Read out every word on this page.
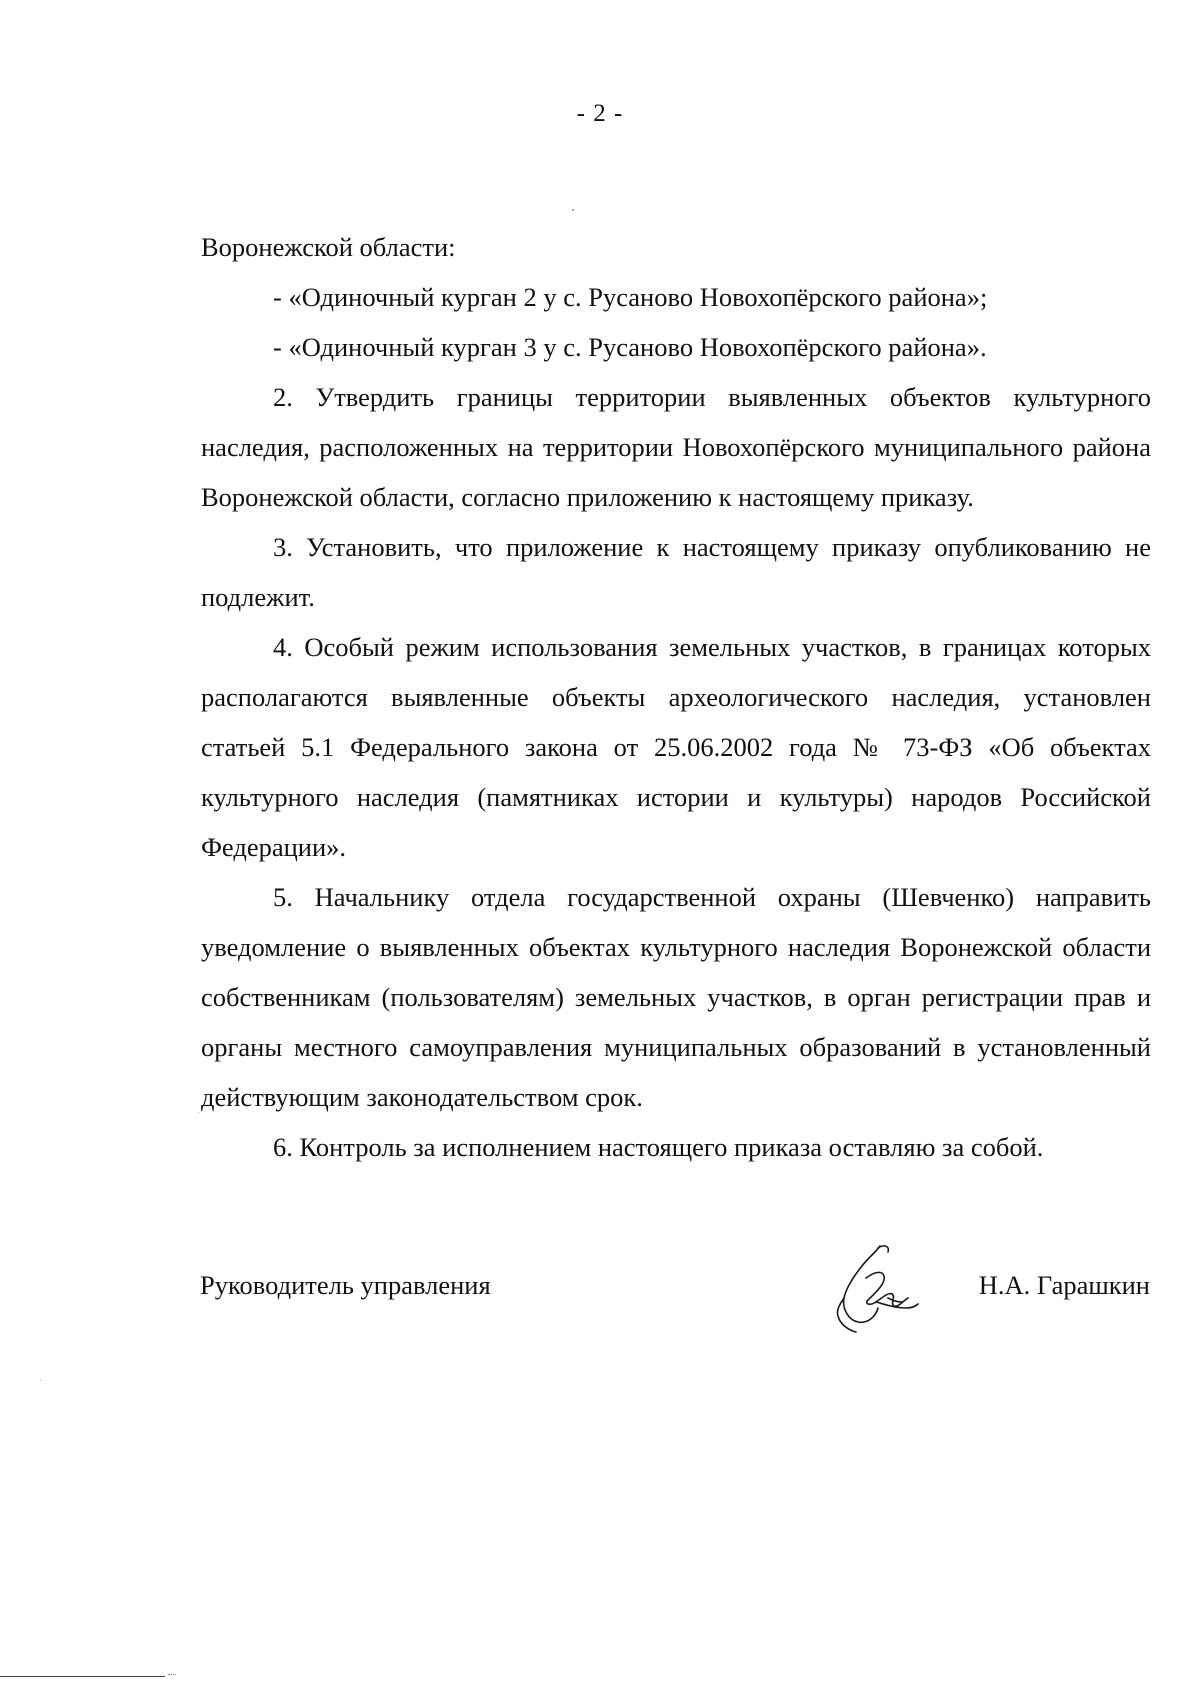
- 2 -

Воронежской области:

- «Одиночный курган 2 у с. Русаново Новохопёрского района»;

- «Одиночный курган 3 у с. Русаново Новохопёрского района».

2. Утвердить границы территории выявленных объектов культурного наследия, расположенных на территории Новохопёрского муниципального района Воронежской области, согласно приложению к настоящему приказу.

3. Установить, что приложение к настоящему приказу опубликованию не подлежит.

4. Особый режим использования земельных участков, в границах которых располагаются выявленные объекты археологического наследия, установлен статьей 5.1 Федерального закона от 25.06.2002 года № 73-ФЗ «Об объектах культурного наследия (памятниках истории и культуры) народов Российской Федерации».

5. Начальнику отдела государственной охраны (Шевченко) направить уведомление о выявленных объектах культурного наследия Воронежской области собственникам (пользователям) земельных участков, в орган регистрации прав и органы местного самоуправления муниципальных образований в установленный действующим законодательством срок.

6. Контроль за исполнением настоящего приказа оставляю за собой.

Руководитель управления	Н.А. Гарашкин
